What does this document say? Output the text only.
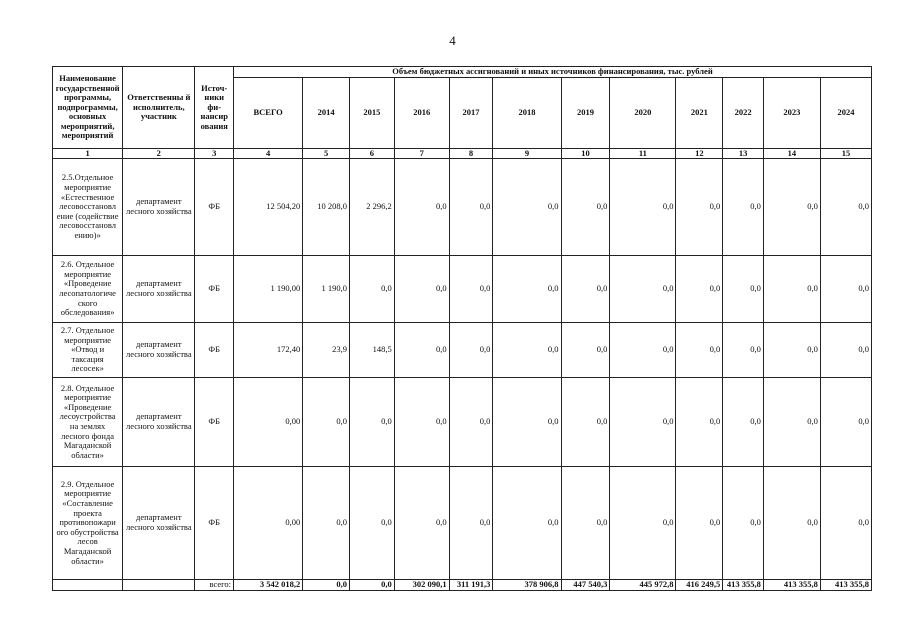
4
Наименование государственной программы, подпрограммы, основных мероприятий, мероприятий	Ответственны й исполнитель, участник	Источ-ники фи-нансир ования	Объем бюджетных ассигнований и иных источников финансирования, тыс. рублей											
			ВСЕГО	2014	2015	2016	2017	2018	2019	2020	2021	2022	2023	2024
1	2	3	4	5	6	7	8	9	10	11	12	13	14	15
2.5.Отдельное мероприятие «Естественное лесовосстановл ение (содействие лесовосстановл ению)»	департамент лесного хозяйства	ФБ	12 504,20	10 208,0	2 296,2	0,0	0,0	0,0	0,0	0,0	0,0	0,0	0,0	0,0
2.6. Отдельное мероприятие «Проведение лесопатологиче ского обследования»	департамент лесного хозяйства	ФБ	1 190,00	1 190,0	0,0	0,0	0,0	0,0	0,0	0,0	0,0	0,0	0,0	0,0
2.7. Отдельное мероприятие «Отвод и таксация лесосек»	департамент лесного хозяйства	ФБ	172,40	23,9	148,5	0,0	0,0	0,0	0,0	0,0	0,0	0,0	0,0	0,0
2.8. Отдельное мероприятие «Проведение лесоустройства на землях лесного фонда Магаданской области»	департамент лесного хозяйства	ФБ	0,00	0,0	0,0	0,0	0,0	0,0	0,0	0,0	0,0	0,0	0,0	0,0
2.9. Отдельное мероприятие «Составление проекта противопожари ого обустройства лесов Магаданской области»	департамент лесного хозяйства	ФБ	0,00	0,0	0,0	0,0	0,0	0,0	0,0	0,0	0,0	0,0	0,0	0,0
		всего:	3 542 018,2	0,0	0,0	302 090,1	311 191,3	378 906,8	447 540,3	445 972,8	416 249,5	413 355,8	413 355,8	413 355,8
